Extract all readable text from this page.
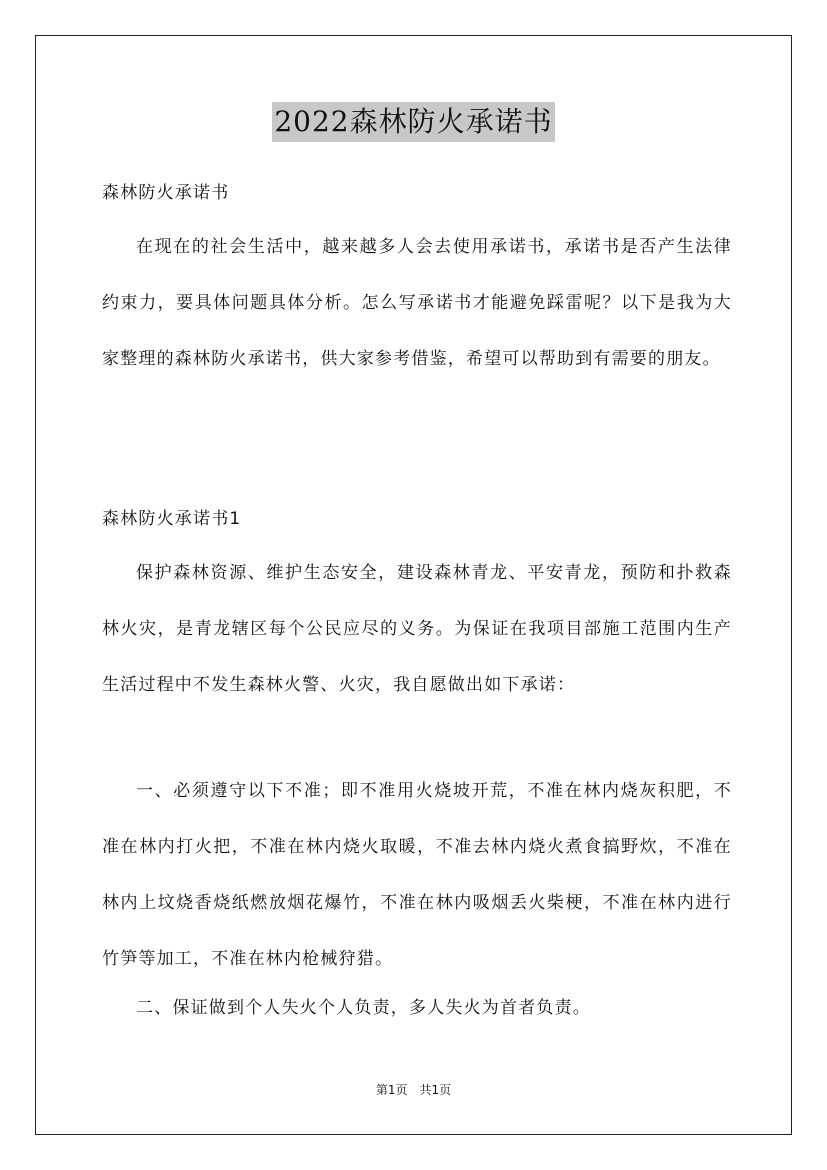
2022森林防火承诺书

森林防火承诺书

在现在的社会生活中，越来越多人会去使用承诺书，承诺书是否产生法律约束力，要具体问题具体分析。怎么写承诺书才能避免踩雷呢？以下是我为大家整理的森林防火承诺书，供大家参考借鉴，希望可以帮助到有需要的朋友。

森林防火承诺书1

保护森林资源、维护生态安全，建设森林青龙、平安青龙，预防和扑救森林火灾，是青龙辖区每个公民应尽的义务。为保证在我项目部施工范围内生产生活过程中不发生森林火警、火灾，我自愿做出如下承诺：

一、必须遵守以下不准；即不准用火烧坡开荒，不准在林内烧灰积肥，不准在林内打火把，不准在林内烧火取暖，不准去林内烧火煮食搞野炊，不准在林内上坟烧香烧纸燃放烟花爆竹，不准在林内吸烟丢火柴梗，不准在林内进行竹笋等加工，不准在林内枪械狩猎。

二、保证做到个人失火个人负责，多人失火为首者负责。

第1页 共1页
